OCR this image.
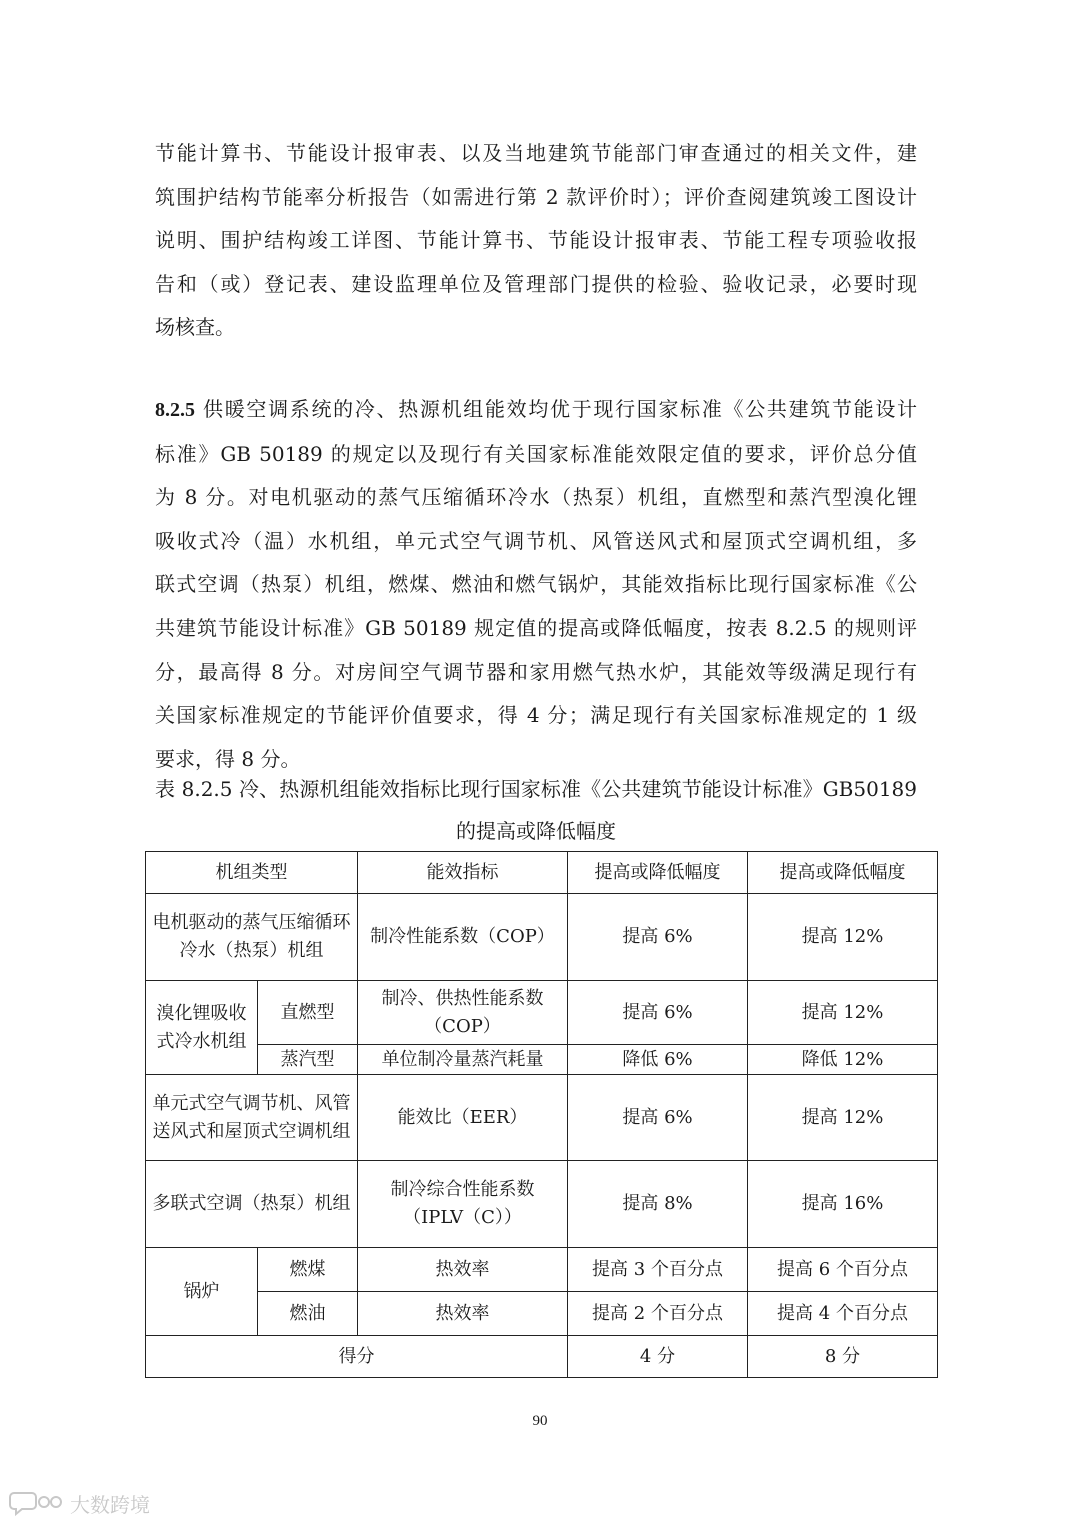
节能计算书、节能设计报审表、以及当地建筑节能部门审查通过的相关文件，建
筑围护结构节能率分析报告（如需进行第 2 款评价时）；评价查阅建筑竣工图设计
说明、围护结构竣工详图、节能计算书、节能设计报审表、节能工程专项验收报
告和（或）登记表、建设监理单位及管理部门提供的检验、验收记录，必要时现
场核查。
8.2.5 供暖空调系统的冷、热源机组能效均优于现行国家标准《公共建筑节能设计
标准》GB 50189 的规定以及现行有关国家标准能效限定值的要求，评价总分值
为 8 分。对电机驱动的蒸气压缩循环冷水（热泵）机组，直燃型和蒸汽型溴化锂
吸收式冷（温）水机组，单元式空气调节机、风管送风式和屋顶式空调机组，多
联式空调（热泵）机组，燃煤、燃油和燃气锅炉，其能效指标比现行国家标准《公
共建筑节能设计标准》GB 50189 规定值的提高或降低幅度，按表 8.2.5 的规则评
分，最高得 8 分。对房间空气调节器和家用燃气热水炉，其能效等级满足现行有
关国家标准规定的节能评价值要求，得 4 分；满足现行有关国家标准规定的 1 级
要求，得 8 分。
表 8.2.5 冷、热源机组能效指标比现行国家标准《公共建筑节能设计标准》GB50189
的提高或降低幅度
机组类型		能效指标	提高或降低幅度	提高或降低幅度
电机驱动的蒸气压缩循环冷水（热泵）机组		制冷性能系数（COP）	提高 6%	提高 12%
溴化锂吸收式冷水机组	直燃型	制冷、供热性能系数（COP）	提高 6%	提高 12%
	蒸汽型	单位制冷量蒸汽耗量	降低 6%	降低 12%
单元式空气调节机、风管送风式和屋顶式空调机组		能效比（EER）	提高 6%	提高 12%
多联式空调（热泵）机组		制冷综合性能系数（IPLV（C））	提高 8%	提高 16%
锅炉	燃煤	热效率	提高 3 个百分点	提高 6 个百分点
	燃油	热效率	提高 2 个百分点	提高 4 个百分点
得分			4 分	8 分
90
大数跨境
